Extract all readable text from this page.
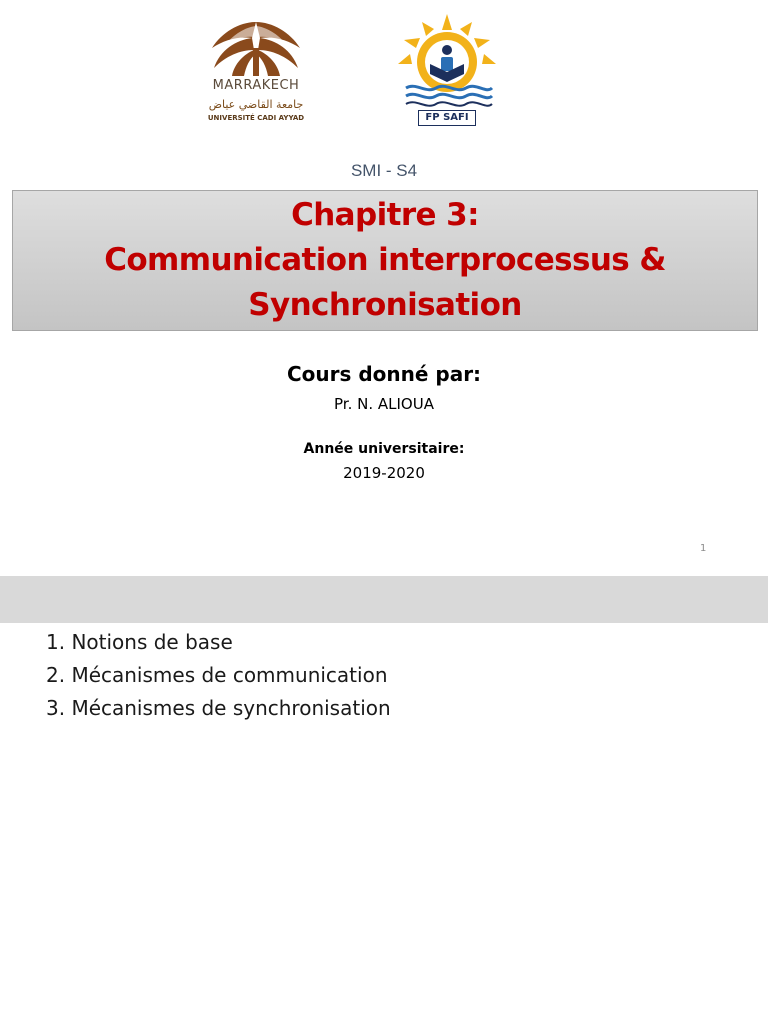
MARRAKECH
جامعة القاضي عياض
UNIVERSITÉ CADI AYYAD	FP SAFI
SMI - S4
Chapitre 3:
Communication interprocessus &
Synchronisation
Cours donné par:
Pr. N. ALIOUA
Année universitaire:
2019-2020
1
1. Notions de base
2. Mécanismes de communication
3. Mécanismes de synchronisation
